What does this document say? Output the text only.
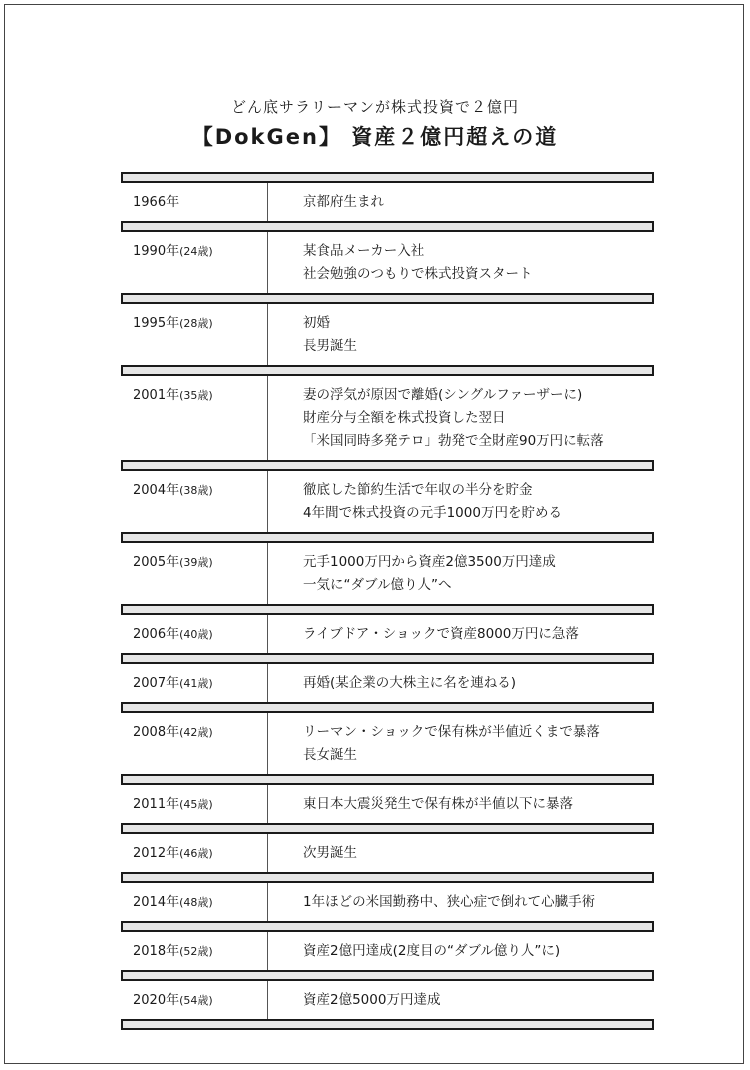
どん底サラリーマンが株式投資で２億円
【DokGen】 資産２億円超えの道
1966年	京都府生まれ
1990年(24歳)	某食品メーカー入社
社会勉強のつもりで株式投資スタート
1995年(28歳)	初婚
長男誕生
2001年(35歳)	妻の浮気が原因で離婚(シングルファーザーに)
財産分与全額を株式投資した翌日
「米国同時多発テロ」勃発で全財産90万円に転落
2004年(38歳)	徹底した節約生活で年収の半分を貯金
4年間で株式投資の元手1000万円を貯める
2005年(39歳)	元手1000万円から資産2億3500万円達成
一気に“ダブル億り人”へ
2006年(40歳)	ライブドア・ショックで資産8000万円に急落
2007年(41歳)	再婚(某企業の大株主に名を連ねる)
2008年(42歳)	リーマン・ショックで保有株が半値近くまで暴落
長女誕生
2011年(45歳)	東日本大震災発生で保有株が半値以下に暴落
2012年(46歳)	次男誕生
2014年(48歳)	1年ほどの米国勤務中、狭心症で倒れて心臓手術
2018年(52歳)	資産2億円達成(2度目の“ダブル億り人”に)
2020年(54歳)	資産2億5000万円達成
